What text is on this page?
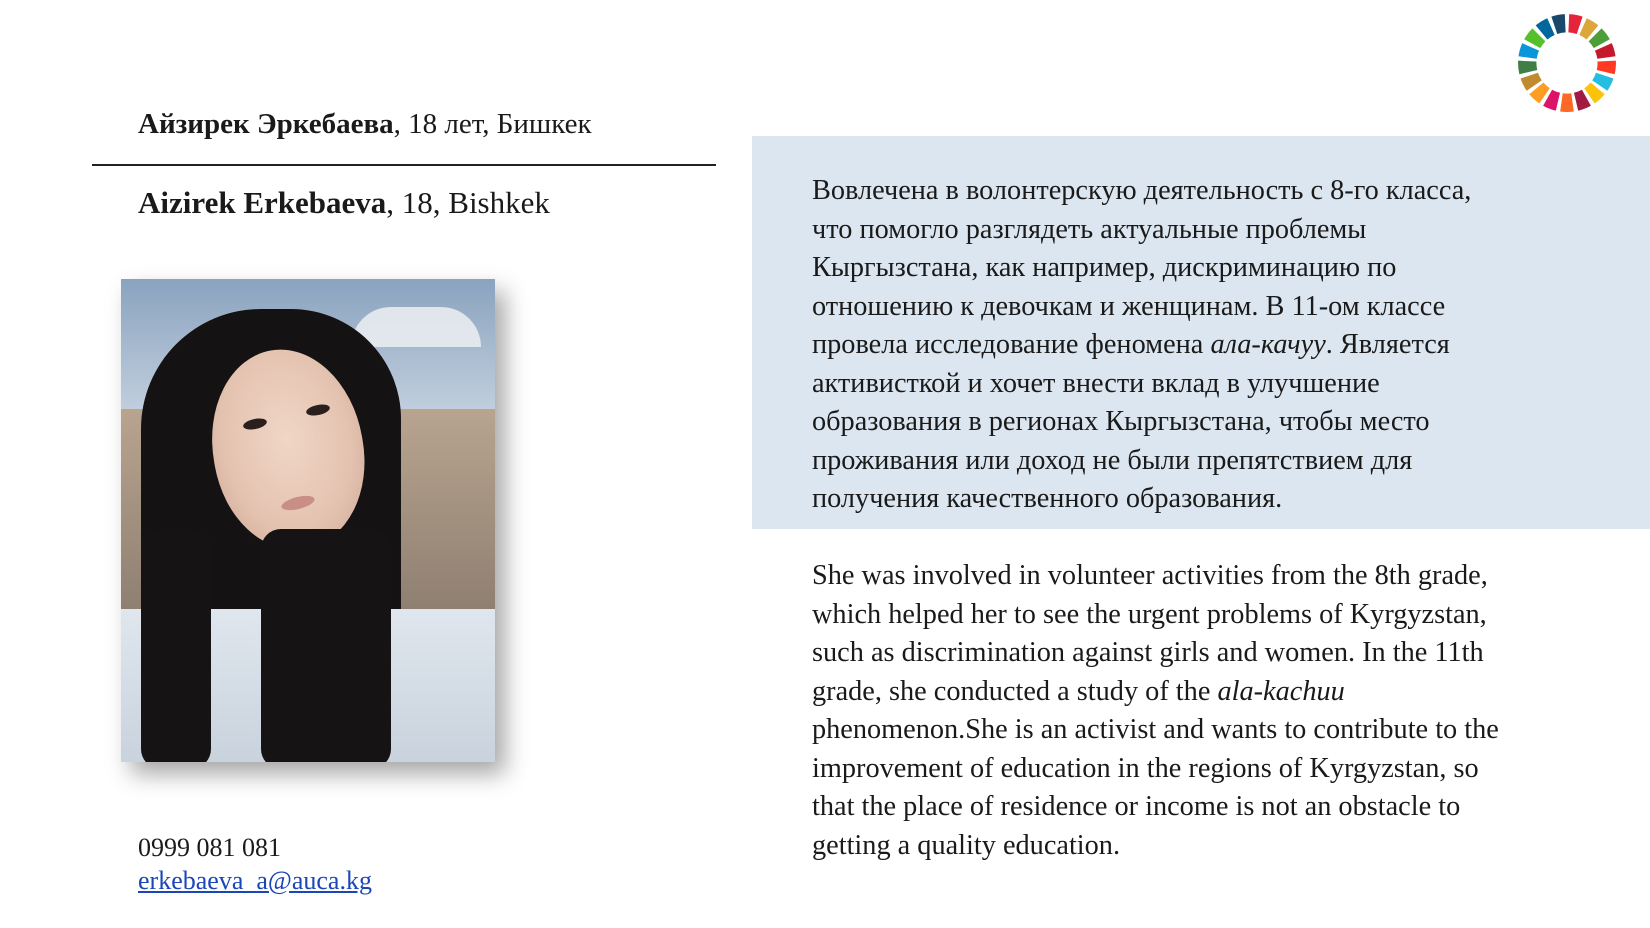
Айзирек Эркебаева, 18 лет, Бишкек
Aizirek Erkebaeva, 18, Bishkek
0999 081 081
erkebaeva_a@auca.kg
Вовлечена в волонтерскую деятельность с 8-го класса,
что помогло разглядеть актуальные проблемы
Кыргызстана, как например, дискриминацию по
отношению к девочкам и женщинам. В 11-ом классе
провела исследование феномена ала-качуу. Является
активисткой и хочет внести вклад в улучшение
образования в регионах Кыргызстана, чтобы место
проживания или доход не были препятствием для
получения качественного образования.
She was involved in volunteer activities from the 8th grade,
which helped her to see the urgent problems of Kyrgyzstan,
such as discrimination against girls and women. In the 11th
grade, she conducted a study of the ala-kachuu
phenomenon.She is an activist and wants to contribute to the
improvement of education in the regions of Kyrgyzstan, so
that the place of residence or income is not an obstacle to
getting a quality education.
